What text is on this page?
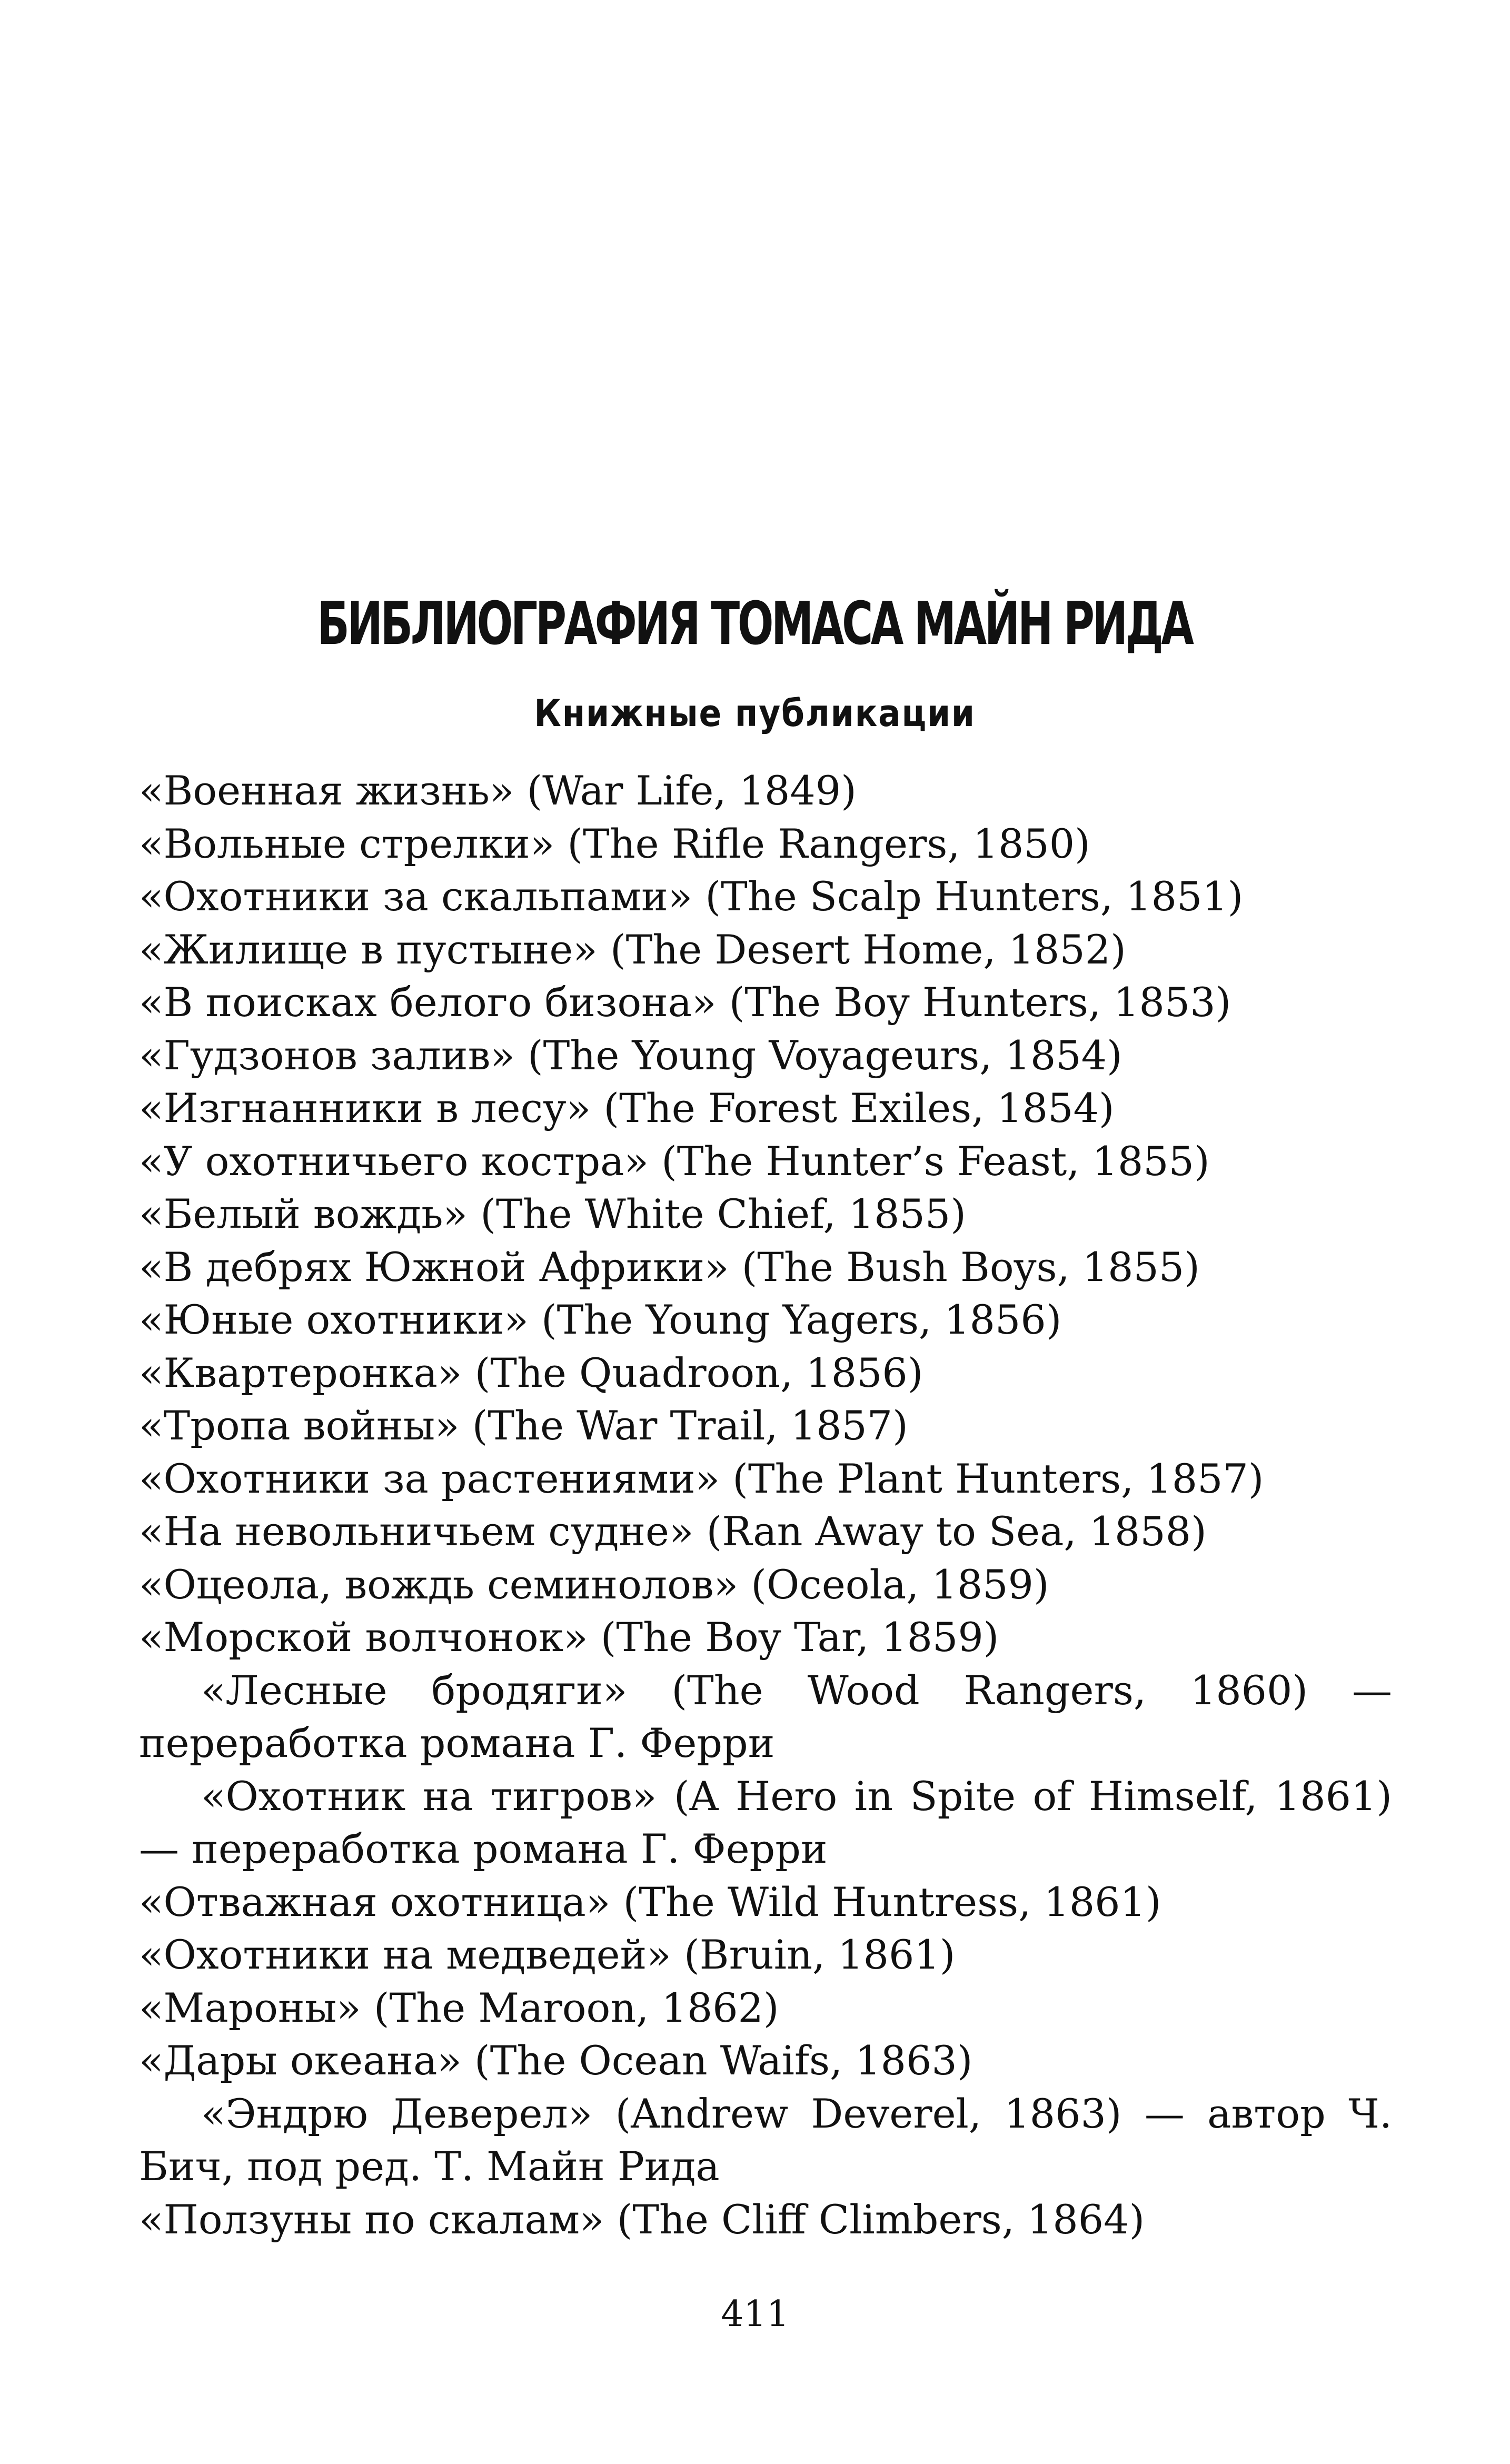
БИБЛИОГРАФИЯ ТОМАСА МАЙН РИДА
Книжные публикации
«Военная жизнь» (War Life, 1849)
«Вольные стрелки» (The Rifle Rangers, 1850)
«Охотники за скальпами» (The Scalp Hunters, 1851)
«Жилище в пустыне» (The Desert Home, 1852)
«В поисках белого бизона» (The Boy Hunters, 1853)
«Гудзонов залив» (The Young Voyageurs, 1854)
«Изгнанники в лесу» (The Forest Exiles, 1854)
«У охотничьего костра» (The Hunter’s Feast, 1855)
«Белый вождь» (The White Chief, 1855)
«В дебрях Южной Африки» (The Bush Boys, 1855)
«Юные охотники» (The Young Yagers, 1856)
«Квартеронка» (The Quadroon, 1856)
«Тропа войны» (The War Trail, 1857)
«Охотники за растениями» (The Plant Hunters, 1857)
«На невольничьем судне» (Ran Away to Sea, 1858)
«Оцеола, вождь семинолов» (Oceola, 1859)
«Морской волчонок» (The Boy Tar, 1859)
«Лесные бродяги» (The Wood Rangers, 1860) — переработка романа Г. Ферри
«Охотник на тигров» (A Hero in Spite of Himself, 1861) — переработка романа Г. Ферри
«Отважная охотница» (The Wild Huntress, 1861)
«Охотники на медведей» (Bruin, 1861)
«Мароны» (The Maroon, 1862)
«Дары океана» (The Ocean Waifs, 1863)
«Эндрю Деверел» (Andrew Deverel, 1863) — автор Ч. Бич, под ред. Т. Майн Рида
«Ползуны по скалам» (The Cliff Climbers, 1864)
411
